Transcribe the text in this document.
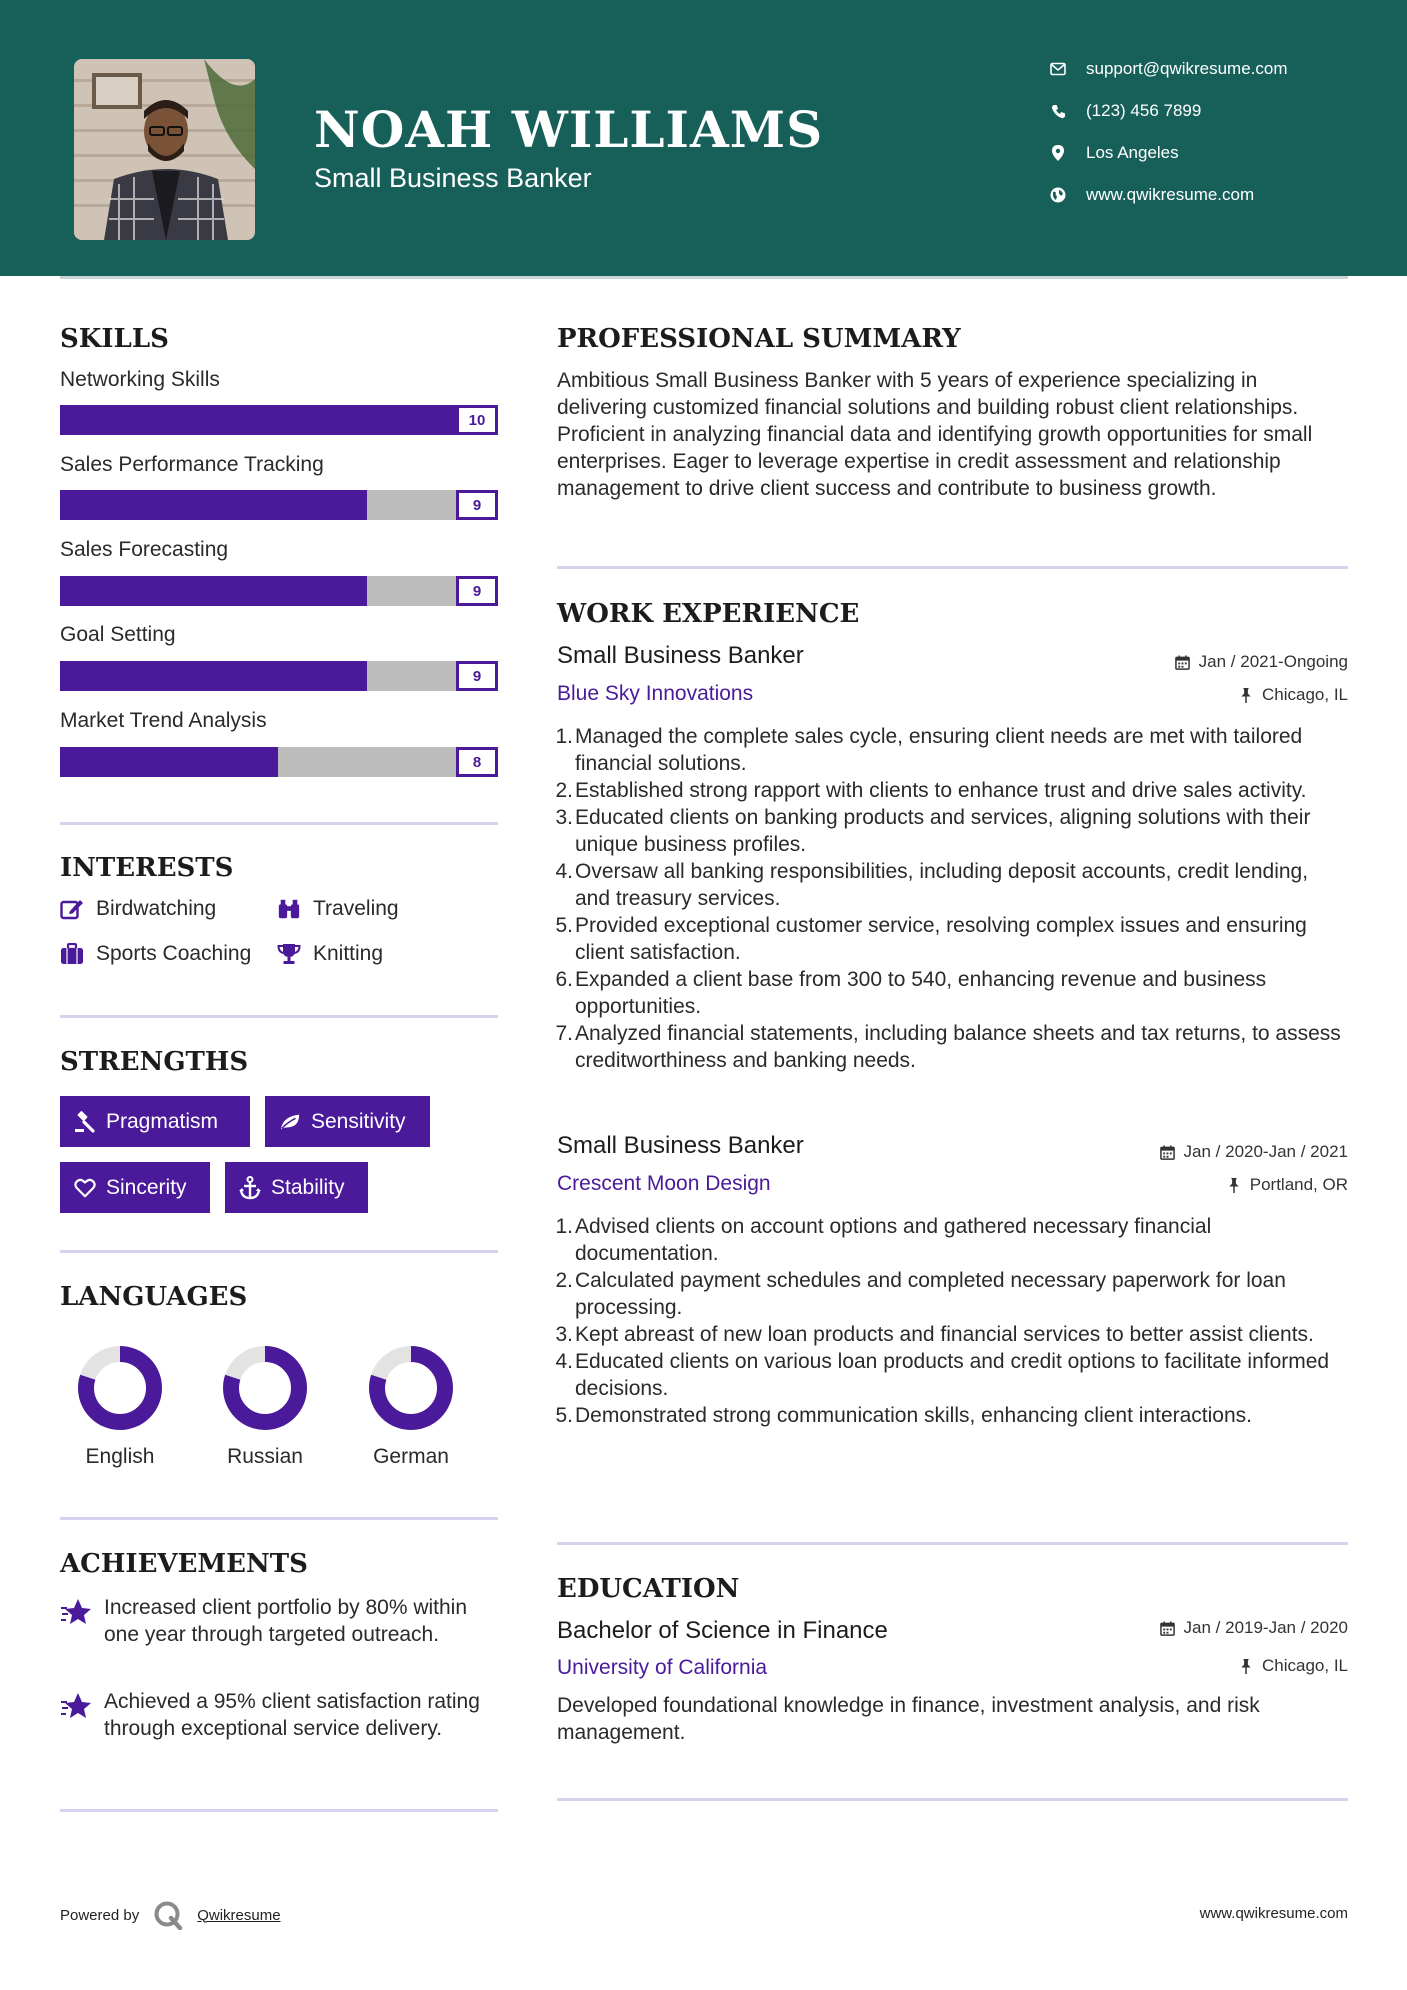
NOAH WILLIAMS
Small Business Banker
support@qwikresume.com
(123) 456 7899
Los Angeles
www.qwikresume.com
SKILLS
Networking Skills
10
Sales Performance Tracking
9
Sales Forecasting
9
Goal Setting
9
Market Trend Analysis
8
INTERESTS
Birdwatching	Traveling
Sports Coaching	Knitting
STRENGTHS
Pragmatism	Sensitivity
Sincerity	Stability
LANGUAGES
English	Russian	German
ACHIEVEMENTS
Increased client portfolio by 80% within one year through targeted outreach.
Achieved a 95% client satisfaction rating through exceptional service delivery.
PROFESSIONAL SUMMARY
Ambitious Small Business Banker with 5 years of experience specializing in delivering customized financial solutions and building robust client relationships. Proficient in analyzing financial data and identifying growth opportunities for small enterprises. Eager to leverage expertise in credit assessment and relationship management to drive client success and contribute to business growth.
WORK EXPERIENCE
Small Business Banker	Jan / 2021-Ongoing
Blue Sky Innovations	Chicago, IL
1. Managed the complete sales cycle, ensuring client needs are met with tailored financial solutions.
2. Established strong rapport with clients to enhance trust and drive sales activity.
3. Educated clients on banking products and services, aligning solutions with their unique business profiles.
4. Oversaw all banking responsibilities, including deposit accounts, credit lending, and treasury services.
5. Provided exceptional customer service, resolving complex issues and ensuring client satisfaction.
6. Expanded a client base from 300 to 540, enhancing revenue and business opportunities.
7. Analyzed financial statements, including balance sheets and tax returns, to assess creditworthiness and banking needs.
Small Business Banker	Jan / 2020-Jan / 2021
Crescent Moon Design	Portland, OR
1. Advised clients on account options and gathered necessary financial documentation.
2. Calculated payment schedules and completed necessary paperwork for loan processing.
3. Kept abreast of new loan products and financial services to better assist clients.
4. Educated clients on various loan products and credit options to facilitate informed decisions.
5. Demonstrated strong communication skills, enhancing client interactions.
EDUCATION
Bachelor of Science in Finance	Jan / 2019-Jan / 2020
University of California	Chicago, IL
Developed foundational knowledge in finance, investment analysis, and risk management.
Powered by	Qwikresume	www.qwikresume.com
